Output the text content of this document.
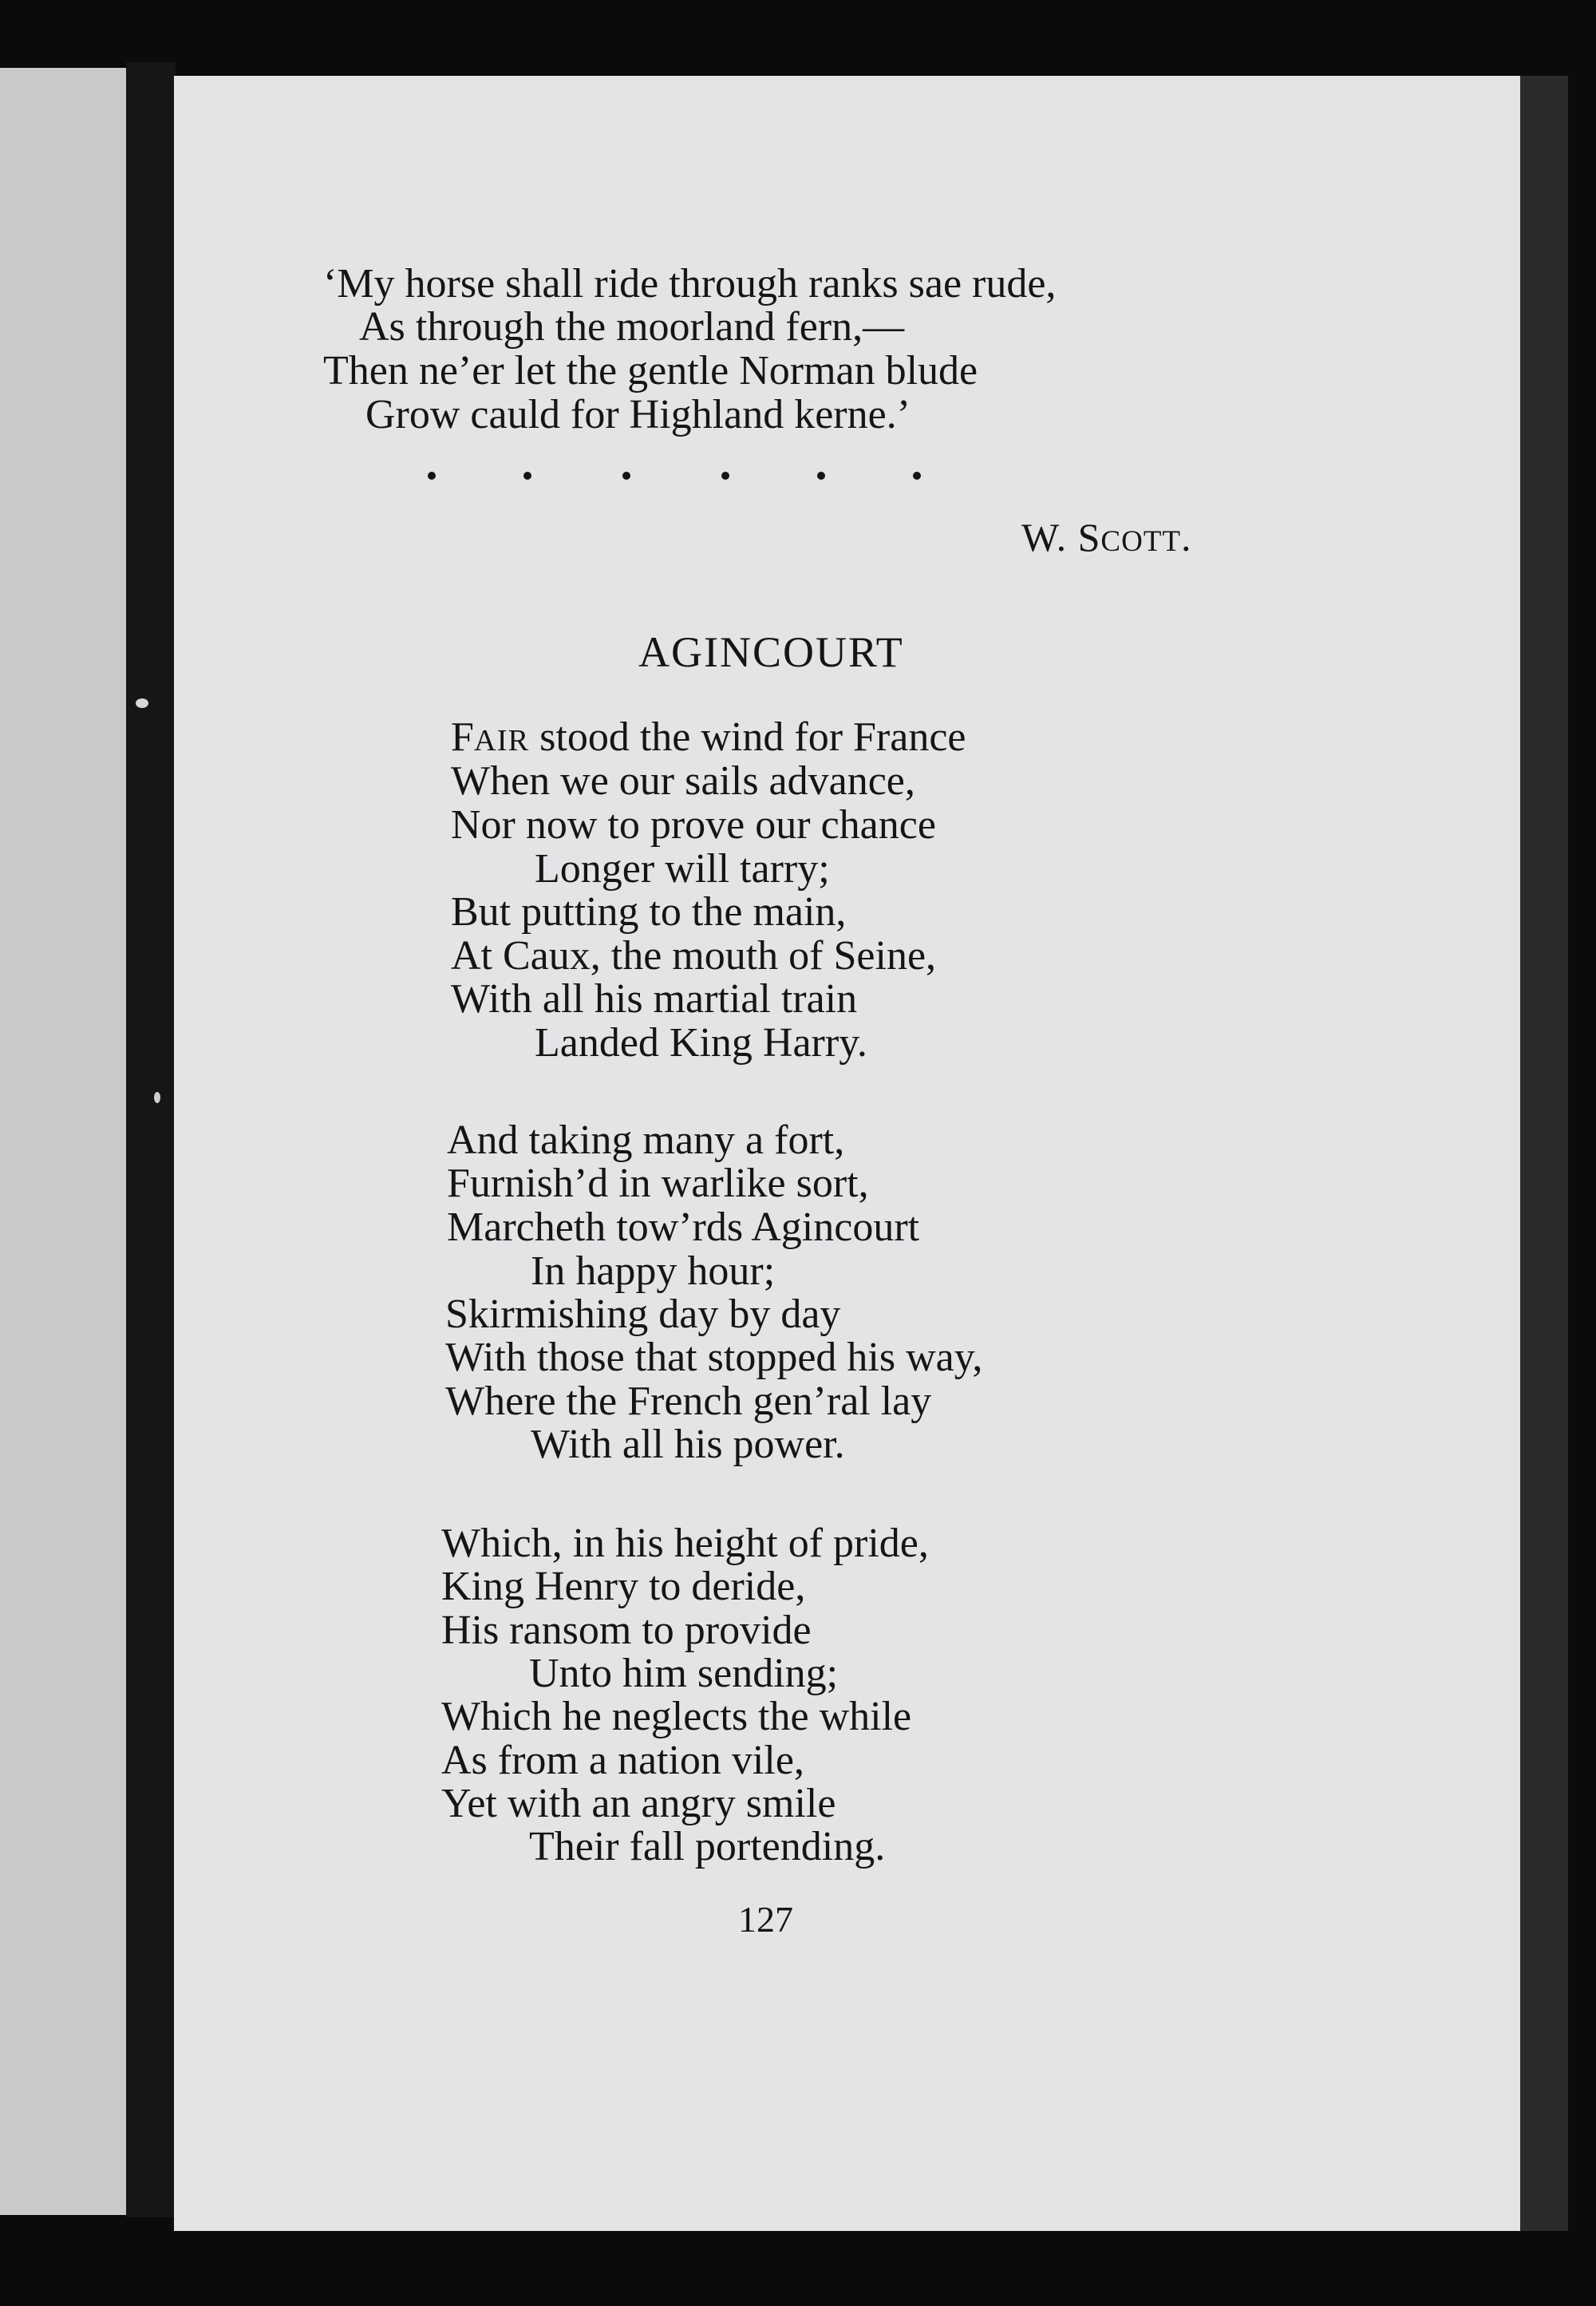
‘My horse shall ride through ranks sae rude,
As through the moorland fern,—
Then ne’er let the gentle Norman blude
Grow cauld for Highland kerne.’
W. SCOTT.
AGINCOURT
FAIR stood the wind for France
When we our sails advance,
Nor now to prove our chance
Longer will tarry;
But putting to the main,
At Caux, the mouth of Seine,
With all his martial train
Landed King Harry.
And taking many a fort,
Furnish’d in warlike sort,
Marcheth tow’rds Agincourt
In happy hour;
Skirmishing day by day
With those that stopped his way,
Where the French gen’ral lay
With all his power.
Which, in his height of pride,
King Henry to deride,
His ransom to provide
Unto him sending;
Which he neglects the while
As from a nation vile,
Yet with an angry smile
Their fall portending.
127
